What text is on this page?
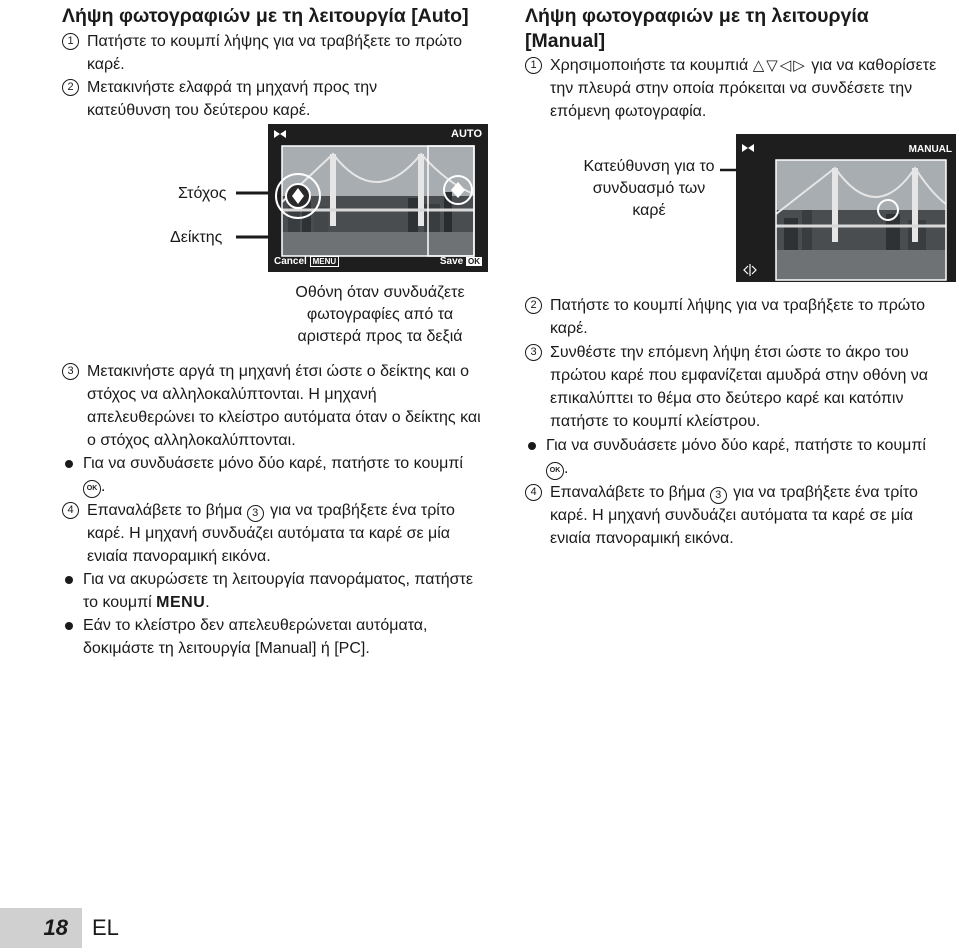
Λήψη φωτογραφιών με τη λειτουργία [Auto]
1 Πατήστε το κουμπί λήψης για να τραβήξετε το πρώτο καρέ.
2 Μετακινήστε ελαφρά τη μηχανή προς την κατεύθυνση του δεύτερου καρέ.
Στόχος
Δείκτης
AUTO
Cancel MENU	Save OK
Οθόνη όταν συνδυάζετε
φωτογραφίες από τα
αριστερά προς τα δεξιά
3 Μετακινήστε αργά τη μηχανή έτσι ώστε ο δείκτης και ο στόχος να αλληλοκαλύπτονται. Η μηχανή απελευθερώνει το κλείστρο αυτόματα όταν ο δείκτης και ο στόχος αλληλοκαλύπτονται.
Για να συνδυάσετε μόνο δύο καρέ, πατήστε το κουμπί OK .
4 Επαναλάβετε το βήμα 3 για να τραβήξετε ένα τρίτο καρέ. Η μηχανή συνδυάζει αυτόματα τα καρέ σε μία ενιαία πανοραμική εικόνα.
Για να ακυρώσετε τη λειτουργία πανοράματος, πατήστε το κουμπί MENU.
Εάν το κλείστρο δεν απελευθερώνεται αυτόματα, δοκιμάστε τη λειτουργία [Manual] ή [PC].
Λήψη φωτογραφιών με τη λειτουργία
[Manual]
1 Χρησιμοποιήστε τα κουμπιά △▽◁▷ για να καθορίσετε την πλευρά στην οποία πρόκειται να συνδέσετε την επόμενη φωτογραφία.
Κατεύθυνση για το συνδυασμό των καρέ
MANUAL
2 Πατήστε το κουμπί λήψης για να τραβήξετε το πρώτο καρέ.
3 Συνθέστε την επόμενη λήψη έτσι ώστε το άκρο του πρώτου καρέ που εμφανίζεται αμυδρά στην οθόνη να επικαλύπτει το θέμα στο δεύτερο καρέ και κατόπιν πατήστε το κουμπί κλείστρου.
Για να συνδυάσετε μόνο δύο καρέ, πατήστε το κουμπί OK .
4 Επαναλάβετε το βήμα 3 για να τραβήξετε ένα τρίτο καρέ. Η μηχανή συνδυάζει αυτόματα τα καρέ σε μία ενιαία πανοραμική εικόνα.
18	EL
